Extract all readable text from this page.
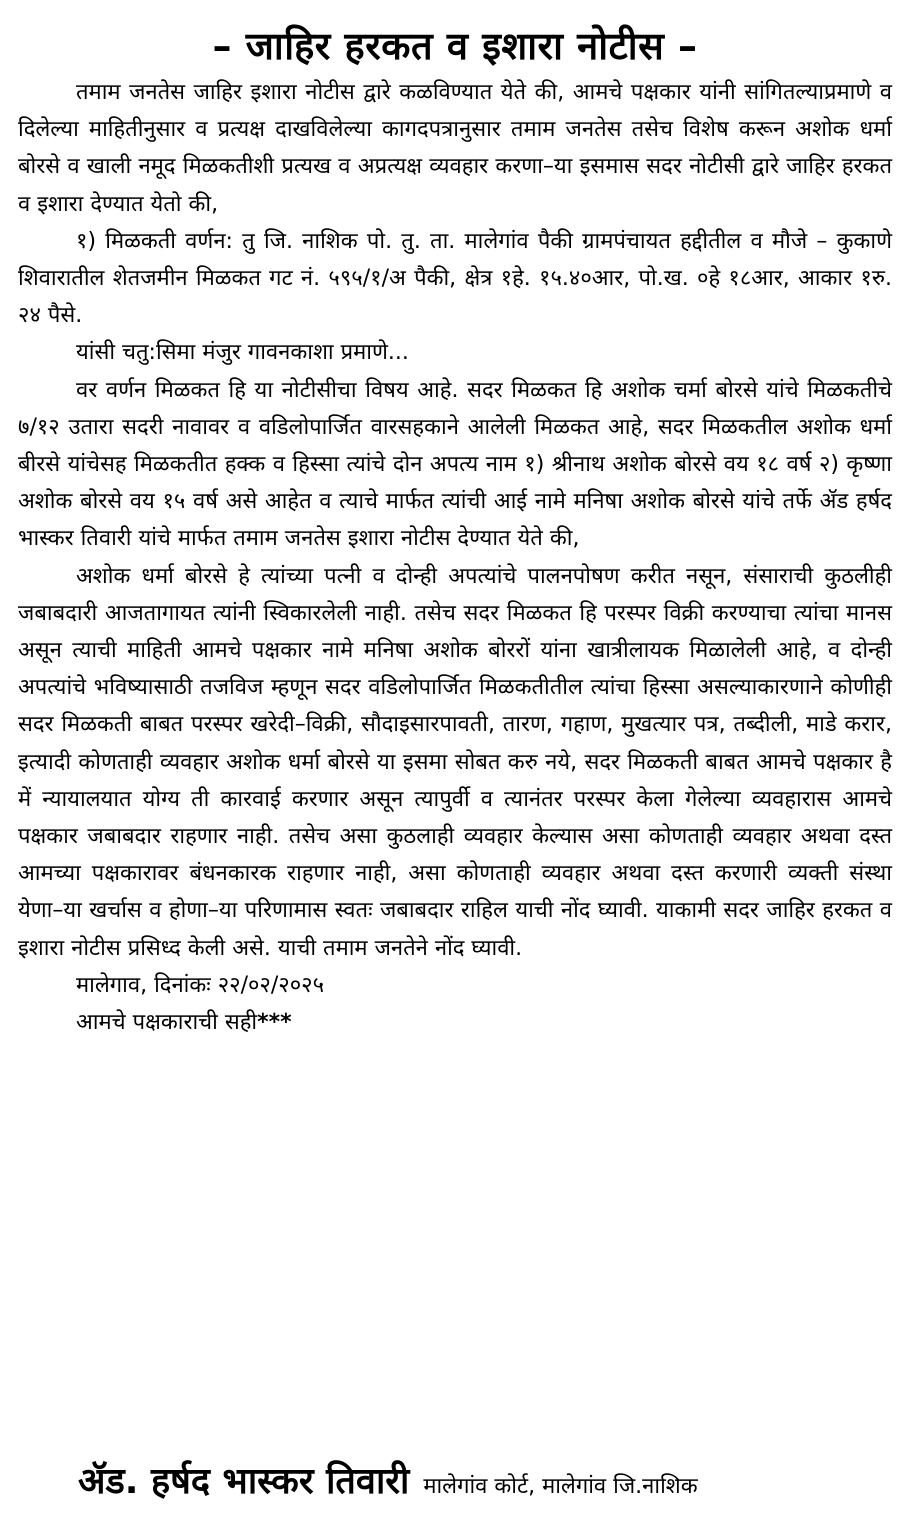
– जाहिर हरकत व इशारा नोटीस –

तमाम जनतेस जाहिर इशारा नोटीस द्वारे कळविण्यात येते की, आमचे पक्षकार यांनी सांगितल्याप्रमाणे व दिलेल्या माहितीनुसार व प्रत्यक्ष दाखविलेल्या कागदपत्रानुसार तमाम जनतेस तसेच विशेष करून अशोक धर्मा बोरसे व खाली नमूद मिळकतीशी प्रत्यख व अप्रत्यक्ष व्यवहार करणा–या इसमास सदर नोटीसी द्वारे जाहिर हरकत व इशारा देण्यात येतो की,

१) मिळकती वर्णन: तु जि. नाशिक पो. तु. ता. मालेगांव पैकी ग्रामपंचायत हद्दीतील व मौजे – कुकाणे शिवारातील शेतजमीन मिळकत गट नं. ५९५/१/अ पैकी, क्षेत्र १हे. १५.४०आर, पो.ख. ०हे १८आर, आकार १रु. २४ पैसे.

यांसी चतु:सिमा मंजुर गावनकाशा प्रमाणे...

वर वर्णन मिळकत हि या नोटीसीचा विषय आहे. सदर मिळकत हि अशोक चर्मा बोरसे यांचे मिळकतीचे ७/१२ उतारा सदरी नावावर व वडिलोपार्जित वारसहकाने आलेली मिळकत आहे, सदर मिळकतील अशोक धर्मा बीरसे यांचेसह मिळकतीत हक्क व हिस्सा त्यांचे दोन अपत्य नाम १) श्रीनाथ अशोक बोरसे वय १८ वर्ष २) कृष्णा अशोक बोरसे वय १५ वर्ष असे आहेत व त्याचे मार्फत त्यांची आई नामे मनिषा अशोक बोरसे यांचे तर्फे ॲड हर्षद भास्कर तिवारी यांचे मार्फत तमाम जनतेस इशारा नोटीस देण्यात येते की,

अशोक धर्मा बोरसे हे त्यांच्या पत्नी व दोन्ही अपत्यांचे पालनपोषण करीत नसून, संसाराची कुठलीही जबाबदारी आजतागायत त्यांनी स्विकारलेली नाही. तसेच सदर मिळकत हि परस्पर विक्री करण्याचा त्यांचा मानस असून त्याची माहिती आमचे पक्षकार नामे मनिषा अशोक बोररों यांना खात्रीलायक मिळालेली आहे, व दोन्ही अपत्यांचे भविष्यासाठी तजविज म्हणून सदर वडिलोपार्जित मिळकतीतील त्यांचा हिस्सा असल्याकारणाने कोणीही सदर मिळकती बाबत परस्पर खरेदी–विक्री, सौदाइसारपावती, तारण, गहाण, मुखत्यार पत्र, तब्दीली, माडे करार, इत्यादी कोणताही व्यवहार अशोक धर्मा बोरसे या इसमा सोबत करु नये, सदर मिळकती बाबत आमचे पक्षकार है में न्यायालयात योग्य ती कारवाई करणार असून त्यापुर्वी व त्यानंतर परस्पर केला गेलेल्या व्यवहारास आमचे पक्षकार जबाबदार राहणार नाही. तसेच असा कुठलाही व्यवहार केल्यास असा कोणताही व्यवहार अथवा दस्त आमच्या पक्षकारावर बंधनकारक राहणार नाही, असा कोणताही व्यवहार अथवा दस्त करणारी व्यक्ती संस्था येणा–या खर्चास व होणा–या परिणामास स्वतः जबाबदार राहिल याची नोंद घ्यावी. याकामी सदर जाहिर हरकत व इशारा नोटीस प्रसिध्द केली असे. याची तमाम जनतेने नोंद घ्यावी.

मालेगाव, दिनांकः २२/०२/२०२५

आमचे पक्षकाराची सही***

ॲड. हर्षद भास्कर तिवारी मालेगांव कोर्ट, मालेगांव जि.नाशिक
